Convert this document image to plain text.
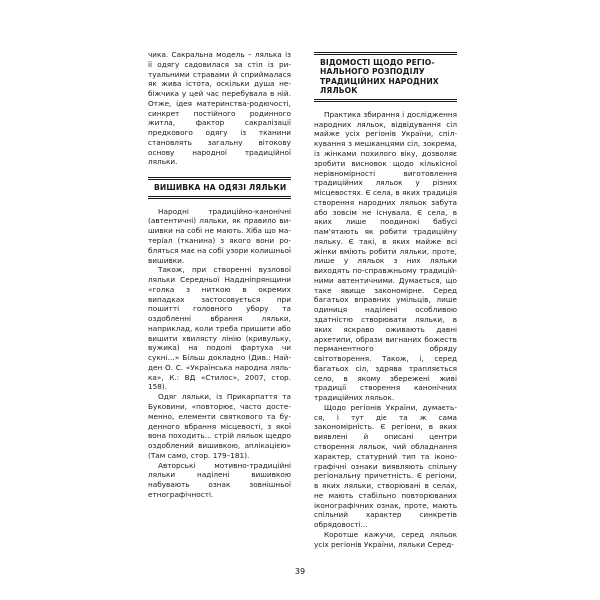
чика. Сакральна модель – лялька із її одягу садовилася за стіл із ритуальними стравами й сприймалася як жива істота, оскільки душа небіжчика у цей час перебувала в ній. Отже, ідея материнства-родючості, синкрет постійного родинного житла, фактор сакралізації предкового одягу із тканини становлять загальну вітокову основу народної традиційної ляльки.

ВИШИВКА НА ОДЯЗІ ЛЯЛЬКИ

Народні традиційно-канонічні (автентичні) ляльки, як правило вишивки на собі не мають. Хіба що матеріал (тканина) з якого вони робляться має на собі узори колишньої вишивки.

Також, при створенні вузлової ляльки Середньої Наддніпрянщини «голка з ниткою в окремих випадках застосовується при пошитті головного убору та оздобленні вбрання ляльки, наприклад, коли треба пришити або вишити хвилясту лінію (кривульку, вужика) на подолі фартуха чи сукні…» Більш докладно (Див.: Найден О. С. «Українська народна лялька», К.: ВД «Стилос», 2007, стор. 158).

Одяг ляльки, із Прикарпаття та Буковини, «повторює, часто достеменно, елементи святкового та буденного вбрання місцевості, з якої вона походить… стрій ляльок щедро оздоблений вишивкою, аплікацією» (Там само, стор. 179–181).

Авторські мотивно-традиційні ляльки наділені вишивкою набувають ознак зовнішньої етнографічності.

ВІДОМОСТІ ЩОДО РЕГІОНАЛЬНОГО РОЗПОДІЛУ ТРАДИЦІЙНИХ НАРОДНИХ ЛЯЛЬОК

Практика збирання і дослідження народних ляльок, відвідування сіл майже усіх регіонів України, спілкування з мешканцями сіл, зокрема, із жінками похилого віку, дозволяє зробити висновок щодо кількісної нерівномірності виготовлення традиційних ляльок у різних місцевостях. Є села, в яких традиція створення народних ляльок забута або зовсім не існувала. Є села, в яких лише поодинокі бабусі пам'ятають як робити традиційну ляльку. Є такі, в яких майже всі жінки вміють робити ляльки, проте, лише у ляльок з них ляльки виходять по-справжньому традиційними автентичними. Думається, що таке явище закономірне. Серед багатьох вправних умільців, лише одиниця наділені особливою здатністю створювати ляльки, в яких яскраво оживають давні архетипи, образи вигнаних божеств перманентного обряду світотворення. Також, і, серед багатьох сіл, здрява трапляється село, в якому збережені живі традиції створення канонічних традиційних ляльок.

Щодо регіонів України, думається, і тут діє та ж сама закономірність. Є регіони, в яких виявлені й описані центри створення ляльок, чий обладнання характер, статурний тип та іконографічні ознаки виявляють спільну регіональну причетність. Є регіони, в яких ляльки, створювані в селах, не мають стабільно повторюваних іконографічних ознак, проте, мають спільний характер синкретів обрядовості…

Коротше кажучи, серед ляльок усіх регіонів України, ляльки Серед-

39
